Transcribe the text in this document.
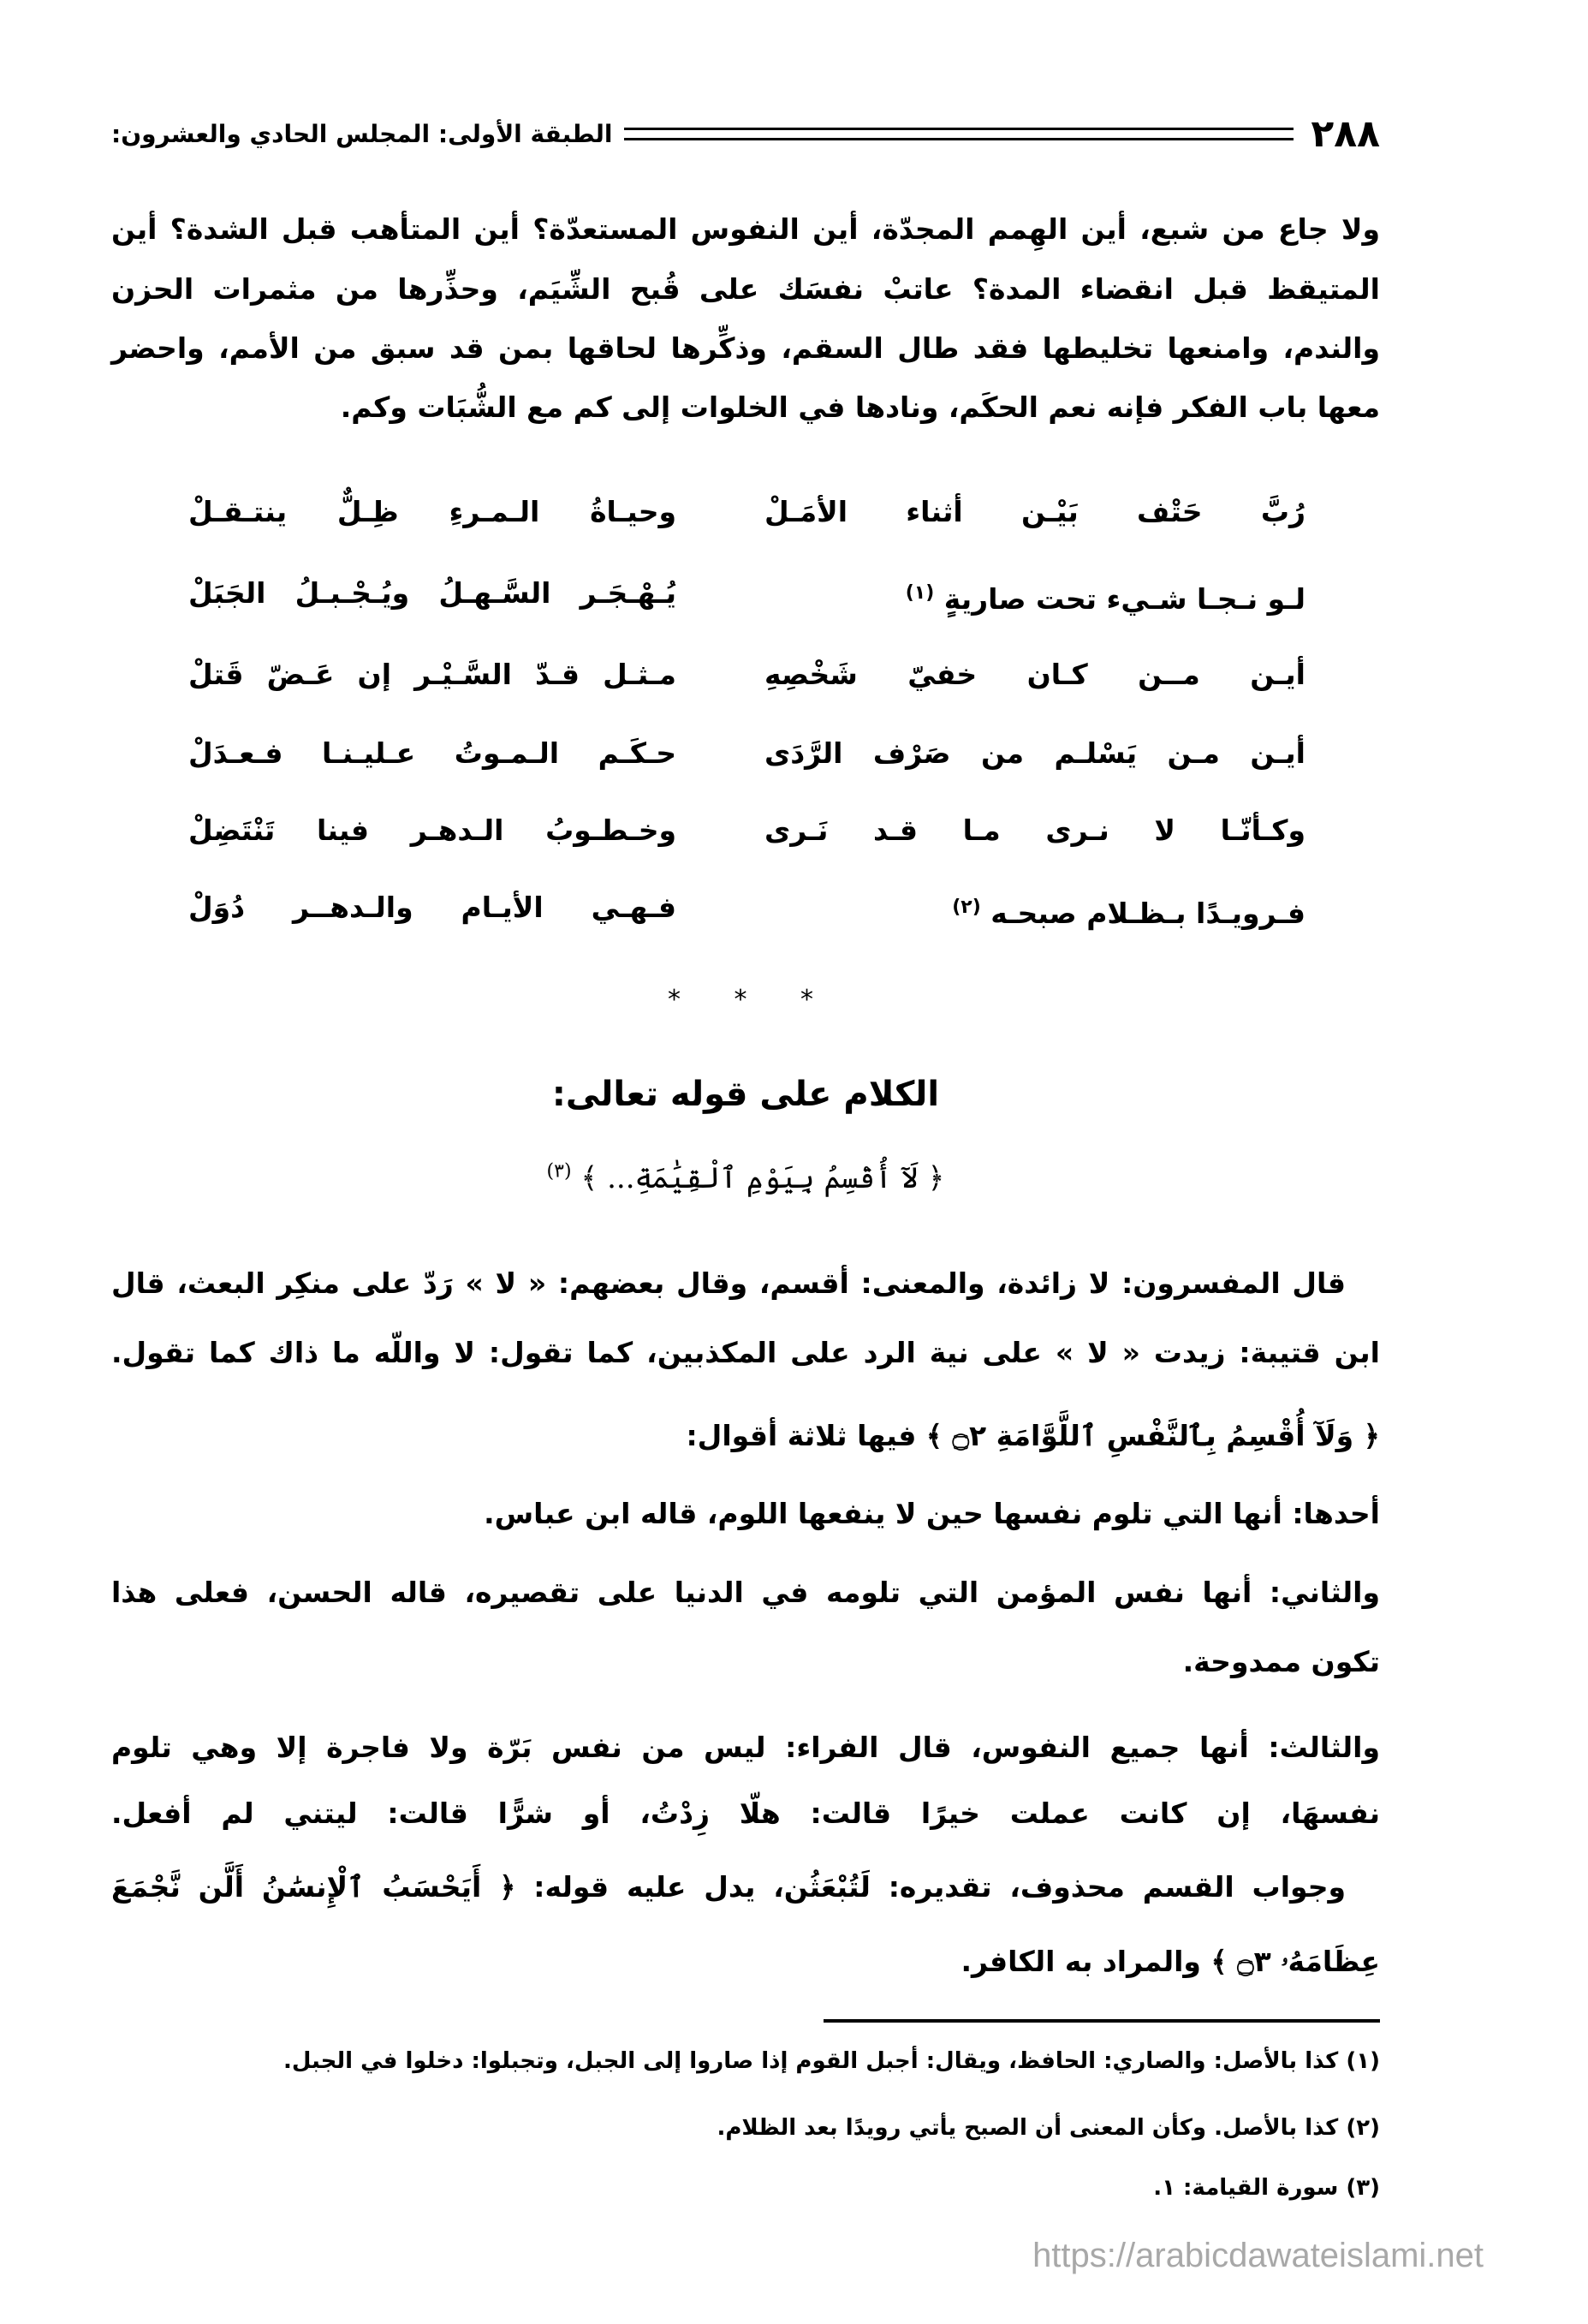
٢٨٨
الطبقة الأولى: المجلس الحادي والعشرون:
ولا جاع من شبع، أين الهِمم المجدّة، أين النفوس المستعدّة؟ أين المتأهب قبل الشدة؟ أين
المتيقظ قبل انقضاء المدة؟ عاتبْ نفسَك على قُبح الشِّيَم، وحذِّرها من مثمرات الحزن
والندم، وامنعها تخليطها فقد طال السقم، وذكِّرها لحاقها بمن قد سبق من الأمم، واحضر
معها باب الفكر فإنه نعم الحكَم، ونادها في الخلوات إلى كم مع الشُّبَات وكم.
رُبَّ حَتْف بَيْـن أثناء الأمَـلْ
وحيـاةُ الـمـرءِ ظِـلٌّ ينتـقـلْ
لـو نـجـا شـيء تحت صاريةٍ $^{(١)}$
يُـهْـجَـر السَّـهـلُ ويُـجْـبـلُ الجَبَلْ
أيـن مــن كـان خفيّ شَخْصِهِ
مـثـل قـدّ السَّـيْـر إن عَـضّ قَتلْ
أيـن مـن يَسْلـم من صَرْف الرَّدَى
حـكَـم الـمـوتُ عـليـنـا فـعـدَلْ
وكـأنّـا لا نـرى مـا قـد نَـرى
وخـطـوبُ الـدهـر فينا تَنْتَضِلْ
فـرويـدًا بـظـلام صبحـه $^{(٢)}$
فـهـي الأيـام والـدهــر دُوَلْ
* * *
الكلام على قوله تعالى:
﴿ لَآ أُقْسِمُ بِيَوْمِ ٱلْقِيَٰمَةِ... ﴾ $^{(٣)}$
قال المفسرون: لا زائدة، والمعنى: أقسم، وقال بعضهم: « لا » رَدّ على منكِر البعث، قال
ابن قتيبة: زيدت « لا » على نية الرد على المكذبين، كما تقول: لا واللّه ما ذاك كما تقول.
﴿ وَلَآ أُقْسِمُ بِٱلنَّفْسِ ٱللَّوَّامَةِ ۝٢ ﴾ فيها ثلاثة أقوال:
أحدها: أنها التي تلوم نفسها حين لا ينفعها اللوم، قاله ابن عباس.
والثاني: أنها نفس المؤمن التي تلومه في الدنيا على تقصيره، قاله الحسن، فعلى هذا
تكون ممدوحة.
والثالث: أنها جميع النفوس، قال الفراء: ليس من نفس بَرّة ولا فاجرة إلا وهي تلوم
نفسهَا، إن كانت عملت خيرًا قالت: هلّا زِدْتُ، أو شرًّا قالت: ليتني لم أفعل.
وجواب القسم محذوف، تقديره: لَتُبْعَثُن، يدل عليه قوله: ﴿ أَيَحْسَبُ ٱلْإِنسَٰنُ أَلَّن نَّجْمَعَ
عِظَامَهُۥ ۝٣ ﴾ والمراد به الكافر.
(١) كذا بالأصل: والصاري: الحافظ، ويقال: أجبل القوم إذا صاروا إلى الجبل، وتجبلوا: دخلوا في الجبل.
(٢) كذا بالأصل. وكأن المعنى أن الصبح يأتي رويدًا بعد الظلام.
(٣) سورة القيامة: ١.
https://arabicdawateislami.net
